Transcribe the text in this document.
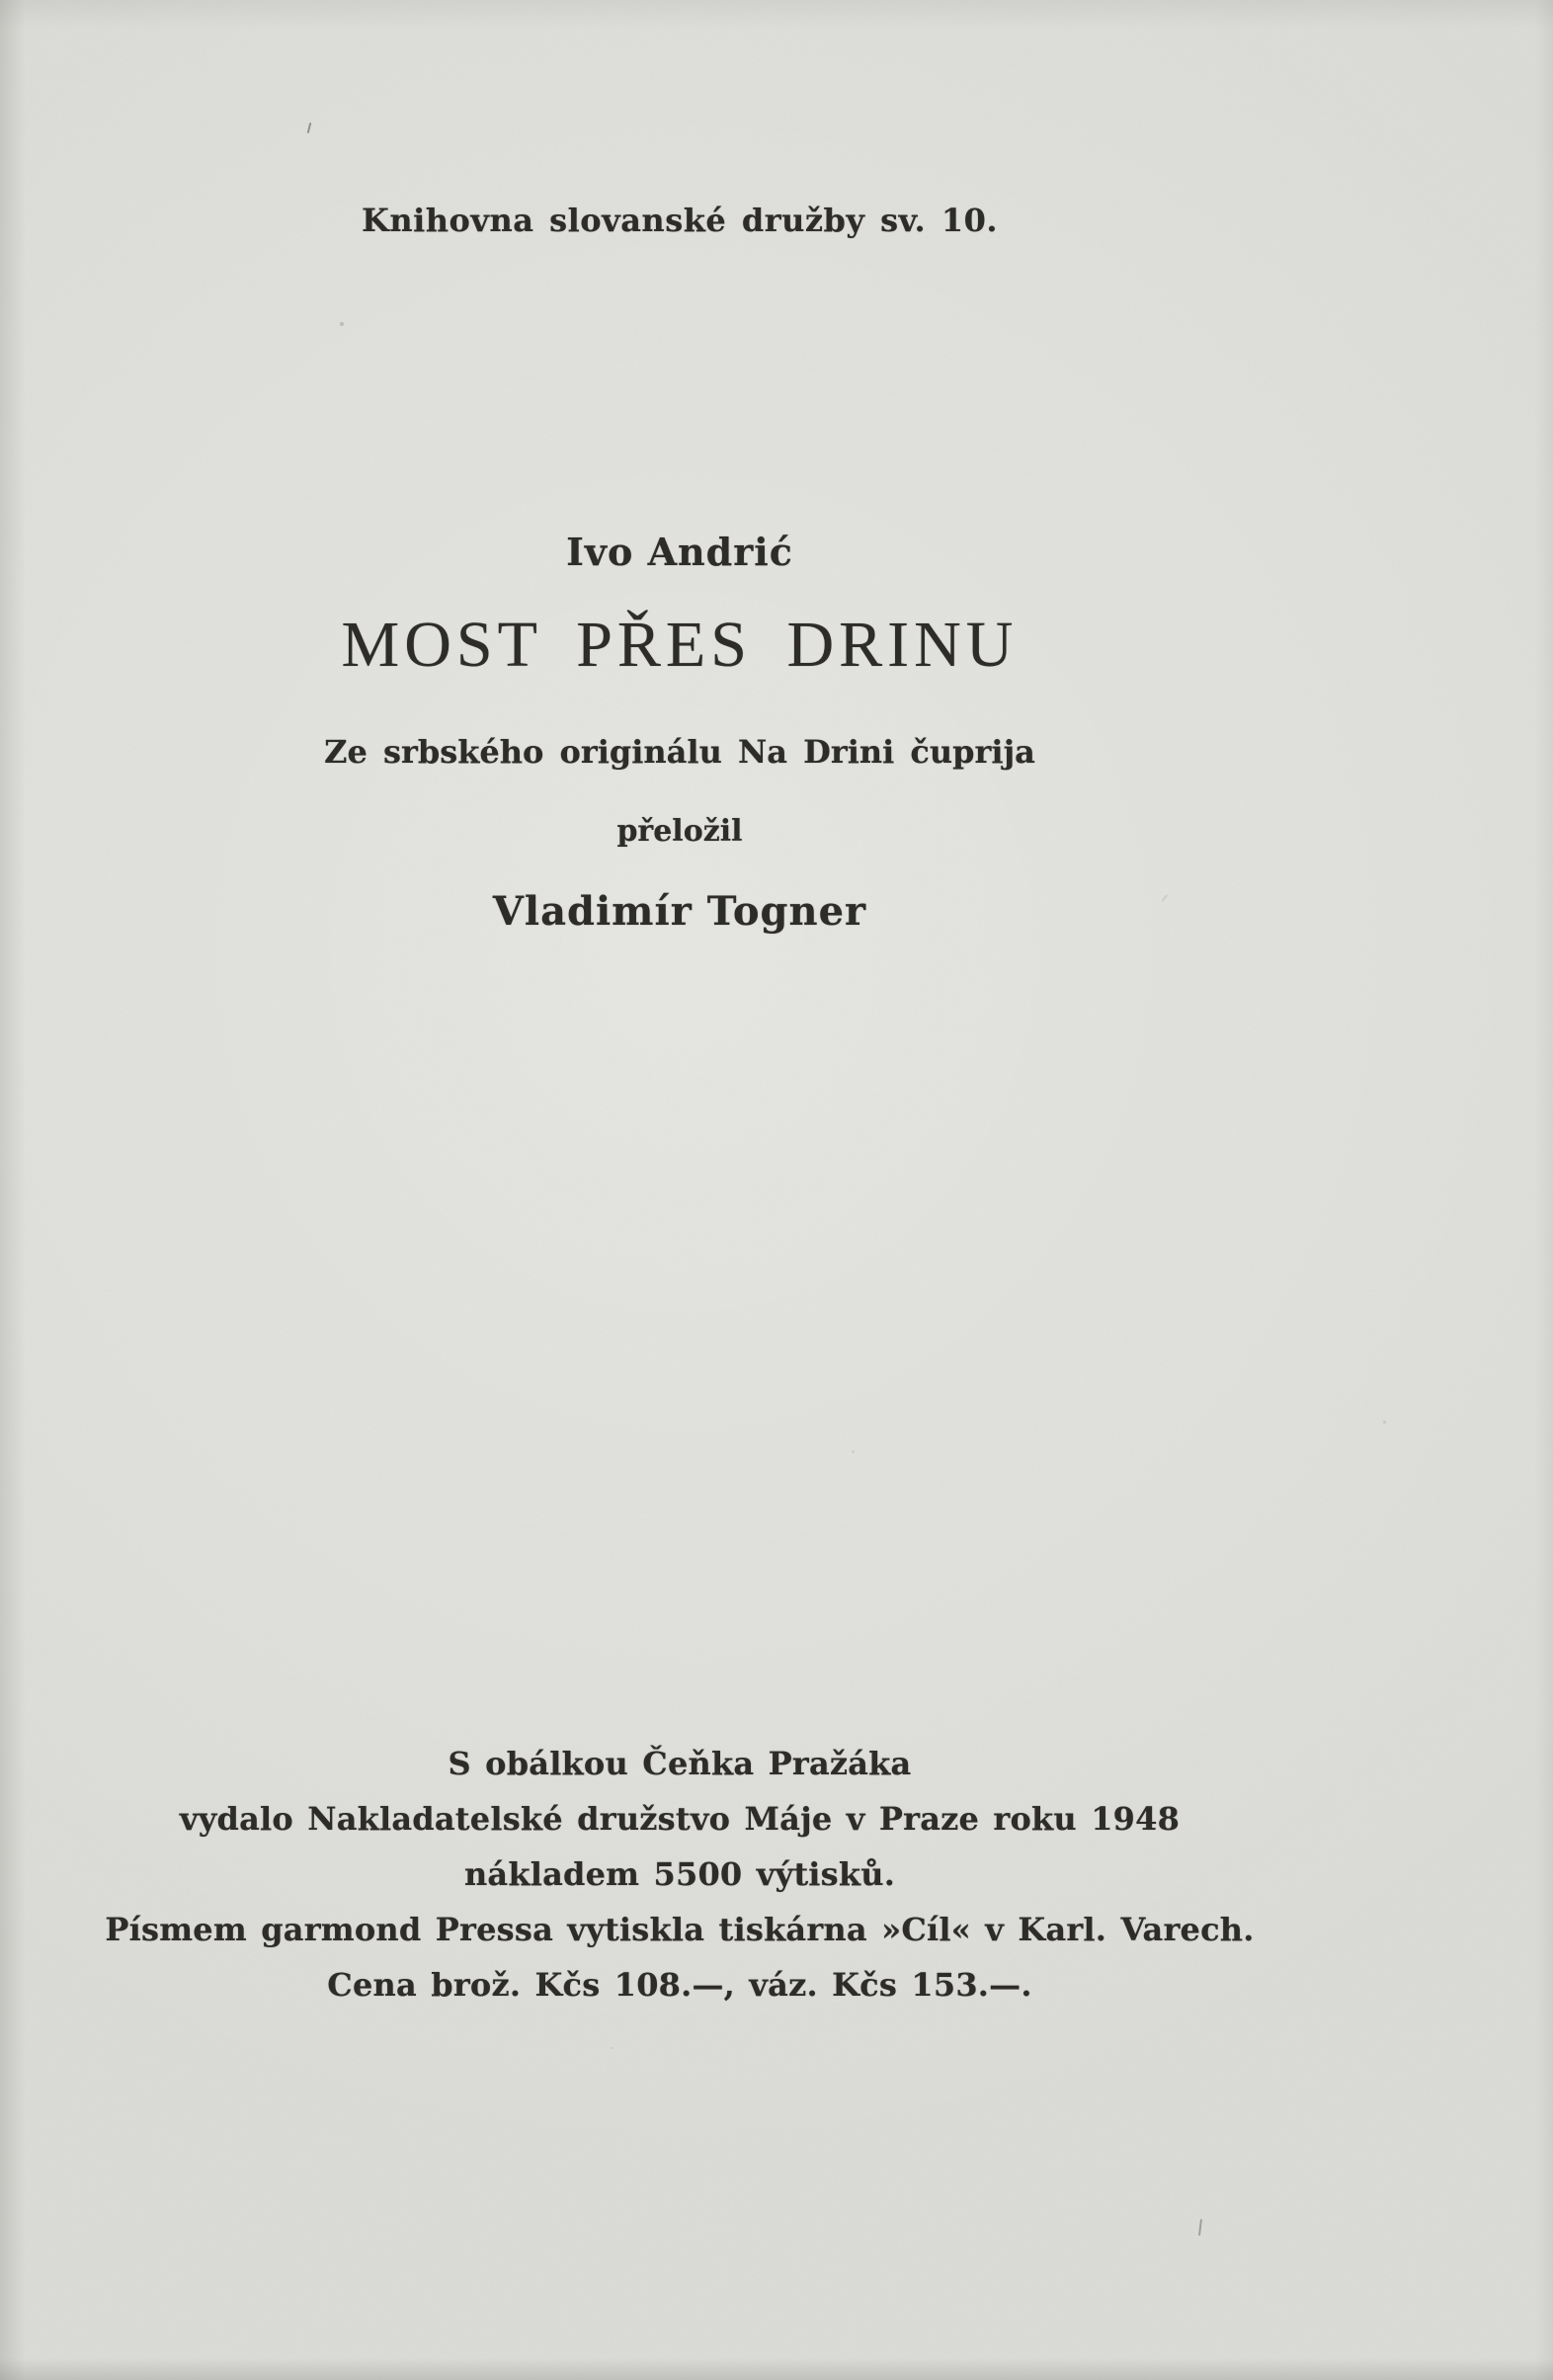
Knihovna slovanské družby sv. 10.
Ivo Andrić
MOST PŘES DRINU
Ze srbského originálu Na Drini čuprija
přeložil
Vladimír Togner
S obálkou Čeňka Pražáka
vydalo Nakladatelské družstvo Máje v Praze roku 1948
nákladem 5500 výtisků.
Písmem garmond Pressa vytiskla tiskárna »Cíl« v Karl. Varech.
Cena brož. Kčs 108.—, váz. Kčs 153.—.
